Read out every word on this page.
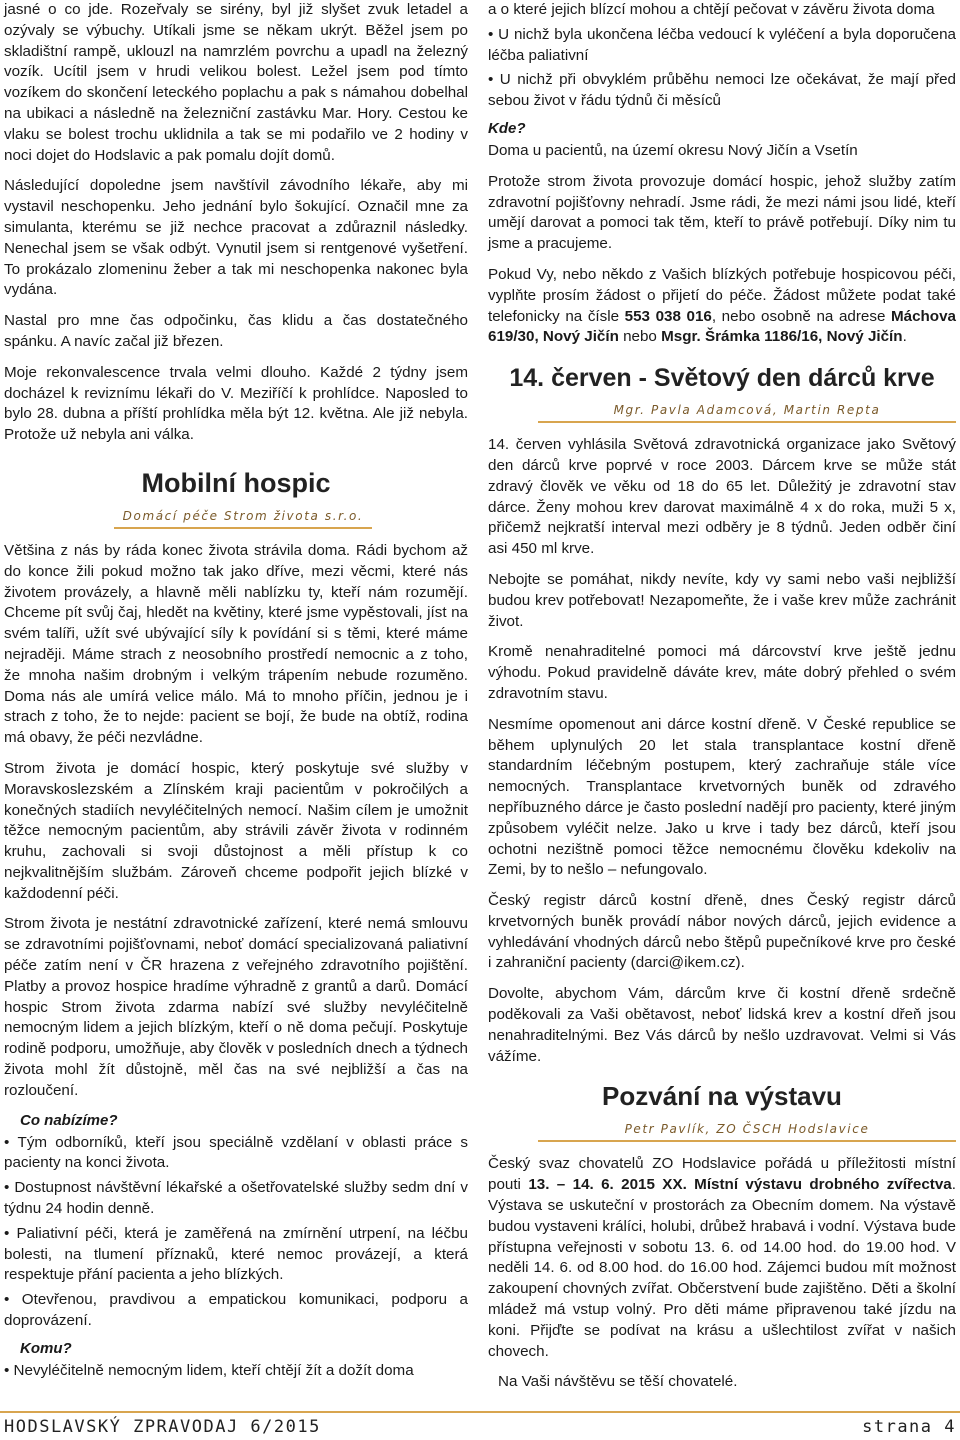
jasné o co jde. Rozeřvaly se sirény, byl již slyšet zvuk letadel a ozývaly se výbuchy. Utíkali jsme se někam ukrýt. Běžel jsem po skladištní rampě, uklouzl na namrzlém povrchu a upadl na železný vozík. Ucítil jsem v hrudi velikou bolest. Ležel jsem pod tímto vozíkem do skončení leteckého poplachu a pak s námahou dobelhal na ubikaci a následně na železniční zastávku Mar. Hory. Cestou ke vlaku se bolest trochu uklidnila a tak se mi podařilo ve 2 hodiny v noci dojet do Hodslavic a pak pomalu dojít domů.

Následující dopoledne jsem navštívil závodního lékaře, aby mi vystavil neschopenku. Jeho jednání bylo šokující. Označil mne za simulanta, kterému se již nechce pracovat a zdůraznil následky. Nenechal jsem se však odbýt. Vynutil jsem si rentgenové vyšetření. To prokázalo zlomeninu žeber a tak mi neschopenka nakonec byla vydána.

Nastal pro mne čas odpočinku, čas klidu a čas dostatečného spánku. A navíc začal již březen.

Moje rekonvalescence trvala velmi dlouho. Každé 2 týdny jsem docházel k reviznímu lékaři do V. Meziříčí k prohlídce. Naposled to bylo 28. dubna a příští prohlídka měla být 12. května. Ale již nebyla. Protože už nebyla ani válka.

Mobilní hospic
Domácí péče Strom života s.r.o.

Většina z nás by ráda konec života strávila doma. Rádi bychom až do konce žili pokud možno tak jako dříve, mezi věcmi, které nás životem provázely, a hlavně měli nablízku ty, kteří nám rozumějí. Chceme pít svůj čaj, hledět na květiny, které jsme vypěstovali, jíst na svém talíři, užít své ubývající síly k povídání si s těmi, které máme nejraději. Máme strach z neosobního prostředí nemocnic a z toho, že mnoha našim drobným i velkým trápením nebude rozuměno. Doma nás ale umírá velice málo. Má to mnoho příčin, jednou je i strach z toho, že to nejde: pacient se bojí, že bude na obtíž, rodina má obavy, že péči nezvládne.

Strom života je domácí hospic, který poskytuje své služby v Moravskoslezském a Zlínském kraji pacientům v pokročilých a konečných stadiích nevyléčitelných nemocí. Našim cílem je umožnit těžce nemocným pacientům, aby strávili závěr života v rodinném kruhu, zachovali si svoji důstojnost a měli přístup k co nejkvalitnějším službám. Zároveň chceme podpořit jejich blízké v každodenní péči.

Strom života je nestátní zdravotnické zařízení, které nemá smlouvu se zdravotními pojišťovnami, neboť domácí specializovaná paliativní péče zatím není v ČR hrazena z veřejného zdravotního pojištění. Platby a provoz hospice hradíme výhradně z grantů a darů. Domácí hospic Strom života zdarma nabízí své služby nevyléčitelně nemocným lidem a jejich blízkým, kteří o ně doma pečují. Poskytuje rodině podporu, umožňuje, aby člověk v posledních dnech a týdnech života mohl žít důstojně, měl čas na své nejbližší a čas na rozloučení.

Co nabízíme?
• Tým odborníků, kteří jsou speciálně vzdělaní v oblasti práce s pacienty na konci života.
• Dostupnost návštěvní lékařské a ošetřovatelské služby sedm dní v týdnu 24 hodin denně.
• Paliativní péči, která je zaměřená na zmírnění utrpení, na léčbu bolesti, na tlumení příznaků, které nemoc provázejí, a která respektuje přání pacienta a jeho blízkých.
• Otevřenou, pravdivou a empatickou komunikaci, podporu a doprovázení.
Komu?
• Nevyléčitelně nemocným lidem, kteří chtějí žít a dožít doma

a o které jejich blízcí mohou a chtějí pečovat v závěru života doma

• U nichž byla ukončena léčba vedoucí k vyléčení a byla doporučena léčba paliativní
• U nichž při obvyklém průběhu nemoci lze očekávat, že mají před sebou život v řádu týdnů či měsíců
Kde?

Doma u pacientů, na území okresu Nový Jičín a Vsetín

Protože strom života provozuje domácí hospic, jehož služby zatím zdravotní pojišťovny nehradí. Jsme rádi, že mezi námi jsou lidé, kteří umějí darovat a pomoci tak těm, kteří to právě potřebují. Díky nim tu jsme a pracujeme.

Pokud Vy, nebo někdo z Vašich blízkých potřebuje hospicovou péči, vyplňte prosím žádost o přijetí do péče. Žádost můžete podat také telefonicky na čísle 553 038 016, nebo osobně na adrese Máchova 619/30, Nový Jičín nebo Msgr. Šrámka 1186/16, Nový Jičín.

14. červen - Světový den dárců krve
Mgr. Pavla Adamcová, Martin Repta

14. červen vyhlásila Světová zdravotnická organizace jako Světový den dárců krve poprvé v roce 2003. Dárcem krve se může stát zdravý člověk ve věku od 18 do 65 let. Důležitý je zdravotní stav dárce. Ženy mohou krev darovat maximálně 4 x do roka, muži 5 x, přičemž nejkratší interval mezi odběry je 8 týdnů. Jeden odběr činí asi 450 ml krve.

Nebojte se pomáhat, nikdy nevíte, kdy vy sami nebo vaši nejbližší budou krev potřebovat! Nezapomeňte, že i vaše krev může zachránit život.

Kromě nenahraditelné pomoci má dárcovství krve ještě jednu výhodu. Pokud pravidelně dáváte krev, máte dobrý přehled o svém zdravotním stavu.

Nesmíme opomenout ani dárce kostní dřeně. V České republice se během uplynulých 20 let stala transplantace kostní dřeně standardním léčebným postupem, který zachraňuje stále více nemocných. Transplantace krvetvorných buněk od zdravého nepříbuzného dárce je často poslední nadějí pro pacienty, které jiným způsobem vyléčit nelze. Jako u krve i tady bez dárců, kteří jsou ochotni nezištně pomoci těžce nemocnému člověku kdekoliv na Zemi, by to nešlo – nefungovalo.

Český registr dárců kostní dřeně, dnes Český registr dárců krvetvorných buněk provádí nábor nových dárců, jejich evidence a vyhledávání vhodných dárců nebo štěpů pupečníkové krve pro české i zahraniční pacienty (darci@ikem.cz).

Dovolte, abychom Vám, dárcům krve či kostní dřeně srdečně poděkovali za Vaši obětavost, neboť lidská krev a kostní dřeň jsou nenahraditelnými. Bez Vás dárců by nešlo uzdravovat. Velmi si Vás vážíme.

Pozvání na výstavu
Petr Pavlík, ZO ČSCH Hodslavice

Český svaz chovatelů ZO Hodslavice pořádá u příležitosti místní pouti 13. – 14. 6. 2015 XX. Místní výstavu drobného zvířectva. Výstava se uskuteční v prostorách za Obecním domem. Na výstavě budou vystaveni králíci, holubi, drůbež hrabavá i vodní. Výstava bude přístupna veřejnosti v sobotu 13. 6. od 14.00 hod. do 19.00 hod. V neděli 14. 6. od 8.00 hod. do 16.00 hod. Zájemci budou mít možnost zakoupení chovných zvířat. Občerstvení bude zajištěno. Děti a školní mládež má vstup volný. Pro děti máme připravenou také jízdu na koni. Přijďte se podívat na krásu a ušlechtilost zvířat v našich chovech.

Na Vaši návštěvu se těší chovatelé.

HODSLAVSKÝ ZPRAVODAJ 6/2015	strana 4
